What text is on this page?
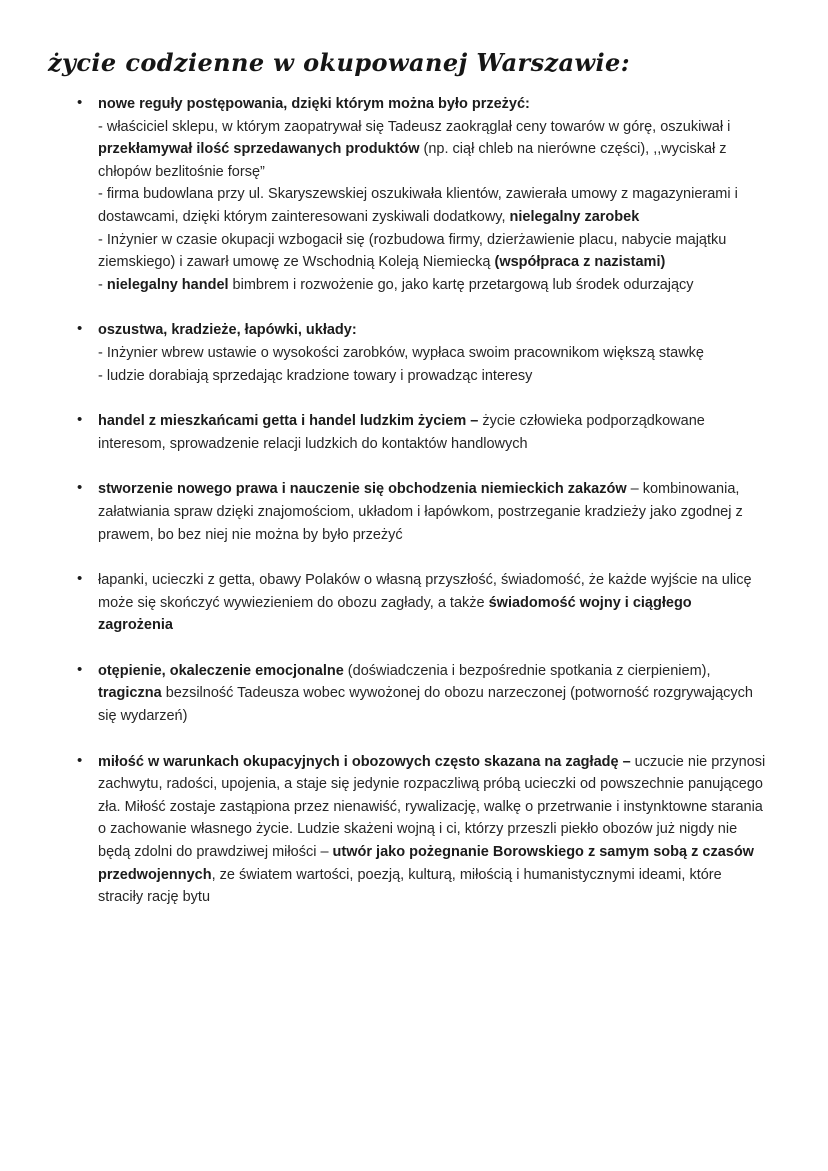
życie codzienne w okupowanej Warszawie:
• nowe reguły postępowania, dzięki którym można było przeżyć:
- właściciel sklepu, w którym zaopatrywał się Tadeusz zaokrąglał ceny towarów w górę, oszukiwał i przekłamywał ilość sprzedawanych produktów (np. ciął chleb na nierówne części), ,,wyciskał z chłopów bezlitośnie forsę”
- firma budowlana przy ul. Skaryszewskiej oszukiwała klientów, zawierała umowy z magazynierami i dostawcami, dzięki którym zainteresowani zyskiwali dodatkowy, nielegalny zarobek
- Inżynier w czasie okupacji wzbogacił się (rozbudowa firmy, dzierżawienie placu, nabycie majątku ziemskiego) i zawarł umowę ze Wschodnią Koleją Niemiecką (współpraca z nazistami)
- nielegalny handel bimbrem i rozwożenie go, jako kartę przetargową lub środek odurzający
• oszustwa, kradzieże, łapówki, układy:
- Inżynier wbrew ustawie o wysokości zarobków, wypłaca swoim pracownikom większą stawkę
- ludzie dorabiają sprzedając kradzione towary i prowadząc interesy
• handel z mieszkańcami getta i handel ludzkim życiem – życie człowieka podporządkowane interesom, sprowadzenie relacji ludzkich do kontaktów handlowych
• stworzenie nowego prawa i nauczenie się obchodzenia niemieckich zakazów – kombinowania, załatwiania spraw dzięki znajomościom, układom i łapówkom, postrzeganie kradzieży jako zgodnej z prawem, bo bez niej nie można by było przeżyć
• łapanki, ucieczki z getta, obawy Polaków o własną przyszłość, świadomość, że każde wyjście na ulicę może się skończyć wywiezieniem do obozu zagłady, a także świadomość wojny i ciągłego zagrożenia
• otępienie, okaleczenie emocjonalne (doświadczenia i bezpośrednie spotkania z cierpieniem), tragiczna bezsilność Tadeusza wobec wywożonej do obozu narzeczonej (potworność rozgrywających się wydarzeń)
• miłość w warunkach okupacyjnych i obozowych często skazana na zagładę – uczucie nie przynosi zachwytu, radości, upojenia, a staje się jedynie rozpaczliwą próbą ucieczki od powszechnie panującego zła. Miłość zostaje zastąpiona przez nienawiść, rywalizację, walkę o przetrwanie i instynktowne starania o zachowanie własnego życie. Ludzie skażeni wojną i ci, którzy przeszli piekło obozów już nigdy nie będą zdolni do prawdziwej miłości – utwór jako pożegnanie Borowskiego z samym sobą z czasów przedwojennych, ze światem wartości, poezją, kulturą, miłością i humanistycznymi ideami, które straciły rację bytu
